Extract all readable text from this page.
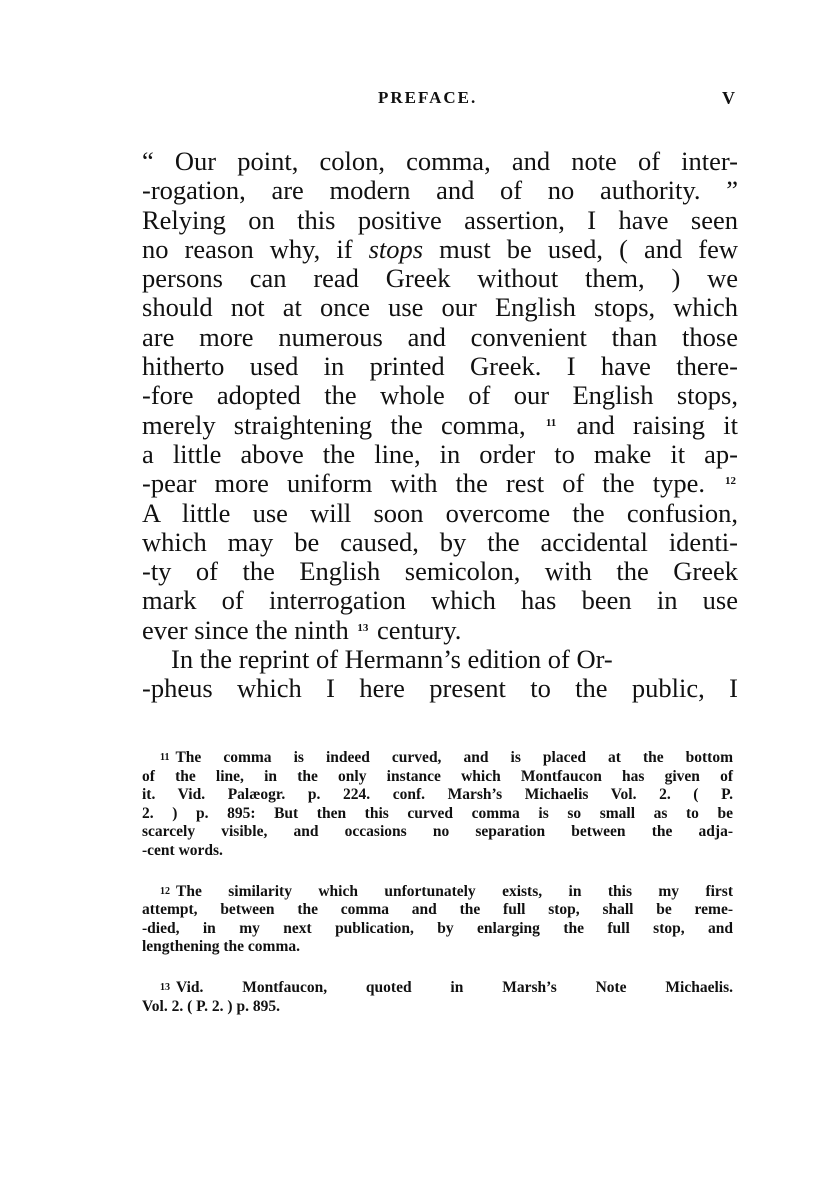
PREFACE.	V
“ Our point, colon, comma, and note of inter-
-rogation, are modern and of no authority. ”
Relying on this positive assertion, I have seen
no reason why, if stops must be used, ( and few
persons can read Greek without them, ) we
should not at once use our English stops, which
are more numerous and convenient than those
hitherto used in printed Greek. I have there-
-fore adopted the whole of our English stops,
merely straightening the comma, $^{11}$ and raising it
a little above the line, in order to make it ap-
-pear more uniform with the rest of the type. $^{12}$
A little use will soon overcome the confusion,
which may be caused, by the accidental identi-
-ty of the English semicolon, with the Greek
mark of interrogation which has been in use
ever since the ninth $^{13}$ century.
In the reprint of Hermann’s edition of Or-
-pheus which I here present to the public, I
$^{11}$ The comma is indeed curved, and is placed at the bottom
of the line, in the only instance which Montfaucon has given of
it. Vid. Palæogr. p. 224. conf. Marsh’s Michaelis Vol. 2. ( P.
2. ) p. 895: But then this curved comma is so small as to be
scarcely visible, and occasions no separation between the adja-
-cent words.
$^{12}$ The similarity which unfortunately exists, in this my first
attempt, between the comma and the full stop, shall be reme-
-died, in my next publication, by enlarging the full stop, and
lengthening the comma.
$^{13}$ Vid. Montfaucon, quoted in Marsh’s Note Michaelis.
Vol. 2. ( P. 2. ) p. 895.
